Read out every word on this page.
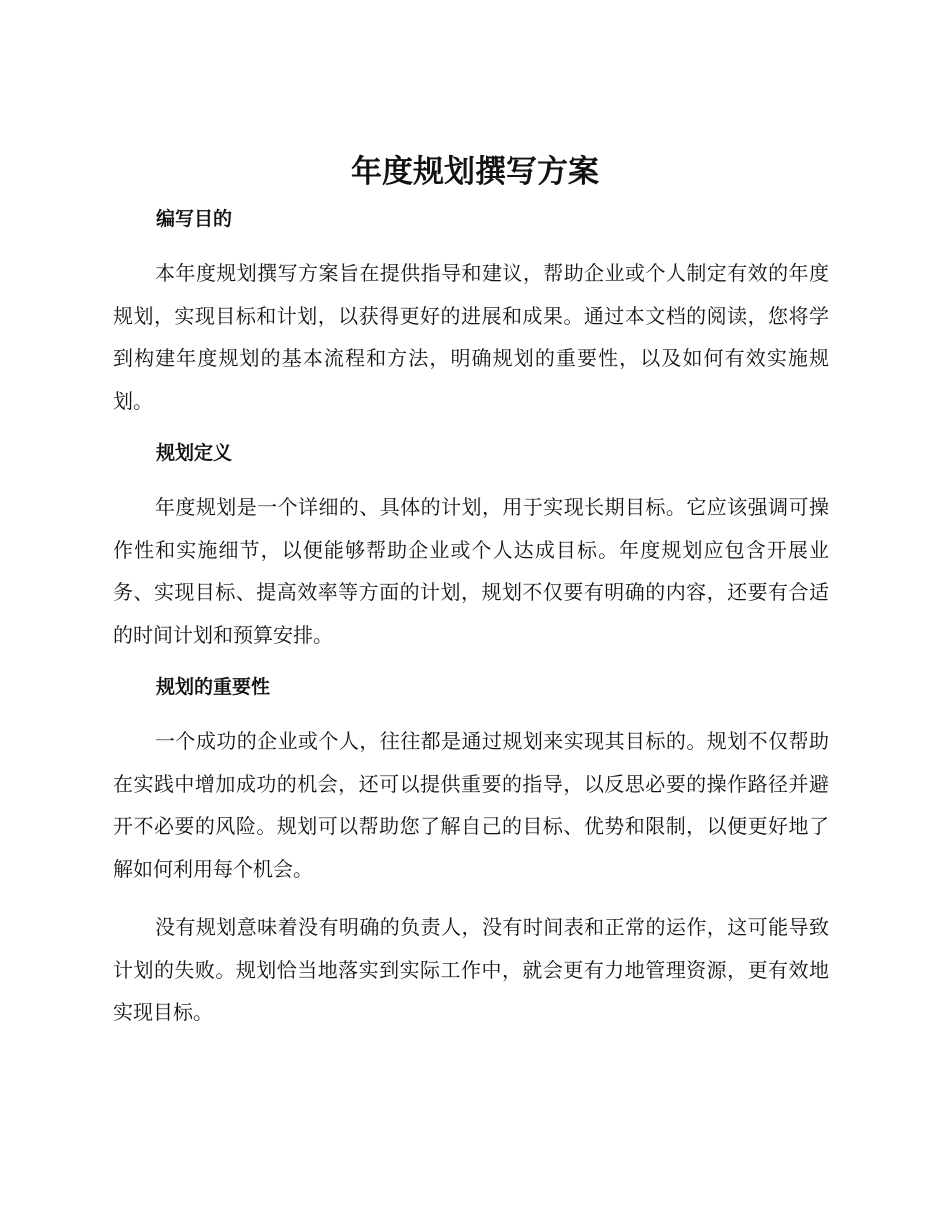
年度规划撰写方案
编写目的

本年度规划撰写方案旨在提供指导和建议，帮助企业或个人制定有效的年度规划，实现目标和计划，以获得更好的进展和成果。通过本文档的阅读，您将学到构建年度规划的基本流程和方法，明确规划的重要性，以及如何有效实施规划。

规划定义

年度规划是一个详细的、具体的计划，用于实现长期目标。它应该强调可操作性和实施细节，以便能够帮助企业或个人达成目标。年度规划应包含开展业务、实现目标、提高效率等方面的计划，规划不仅要有明确的内容，还要有合适的时间计划和预算安排。

规划的重要性

一个成功的企业或个人，往往都是通过规划来实现其目标的。规划不仅帮助在实践中增加成功的机会，还可以提供重要的指导，以反思必要的操作路径并避开不必要的风险。规划可以帮助您了解自己的目标、优势和限制，以便更好地了解如何利用每个机会。

没有规划意味着没有明确的负责人，没有时间表和正常的运作，这可能导致计划的失败。规划恰当地落实到实际工作中，就会更有力地管理资源，更有效地实现目标。
